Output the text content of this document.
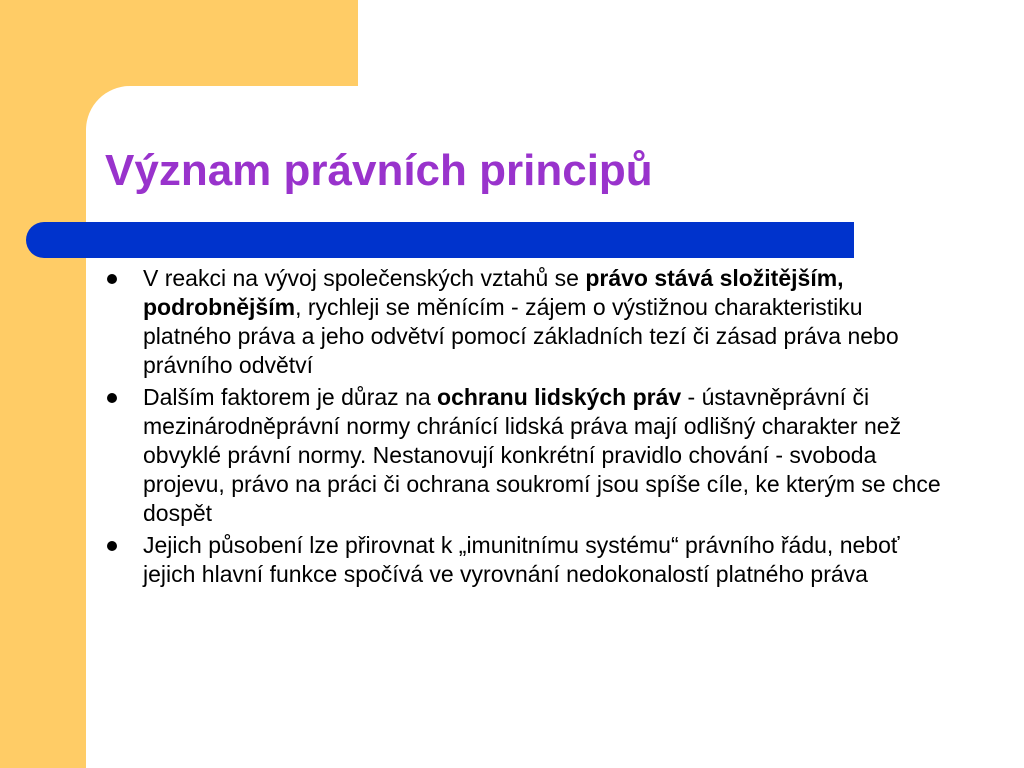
Význam právních principů
V reakci na vývoj společenských vztahů se právo stává složitějším, podrobnějším, rychleji se měnícím - zájem o výstižnou charakteristiku platného práva a jeho odvětví pomocí základních tezí či zásad práva nebo právního odvětví
Dalším faktorem je důraz na ochranu lidských práv - ústavněprávní či mezinárodněprávní normy chránící lidská práva mají odlišný charakter než obvyklé právní normy. Nestanovují konkrétní pravidlo chování - svoboda projevu, právo na práci či ochrana soukromí jsou spíše cíle, ke kterým se chce dospět
Jejich působení lze přirovnat k „imunitnímu systému“ právního řádu, neboť jejich hlavní funkce spočívá ve vyrovnání nedokonalostí platného práva
